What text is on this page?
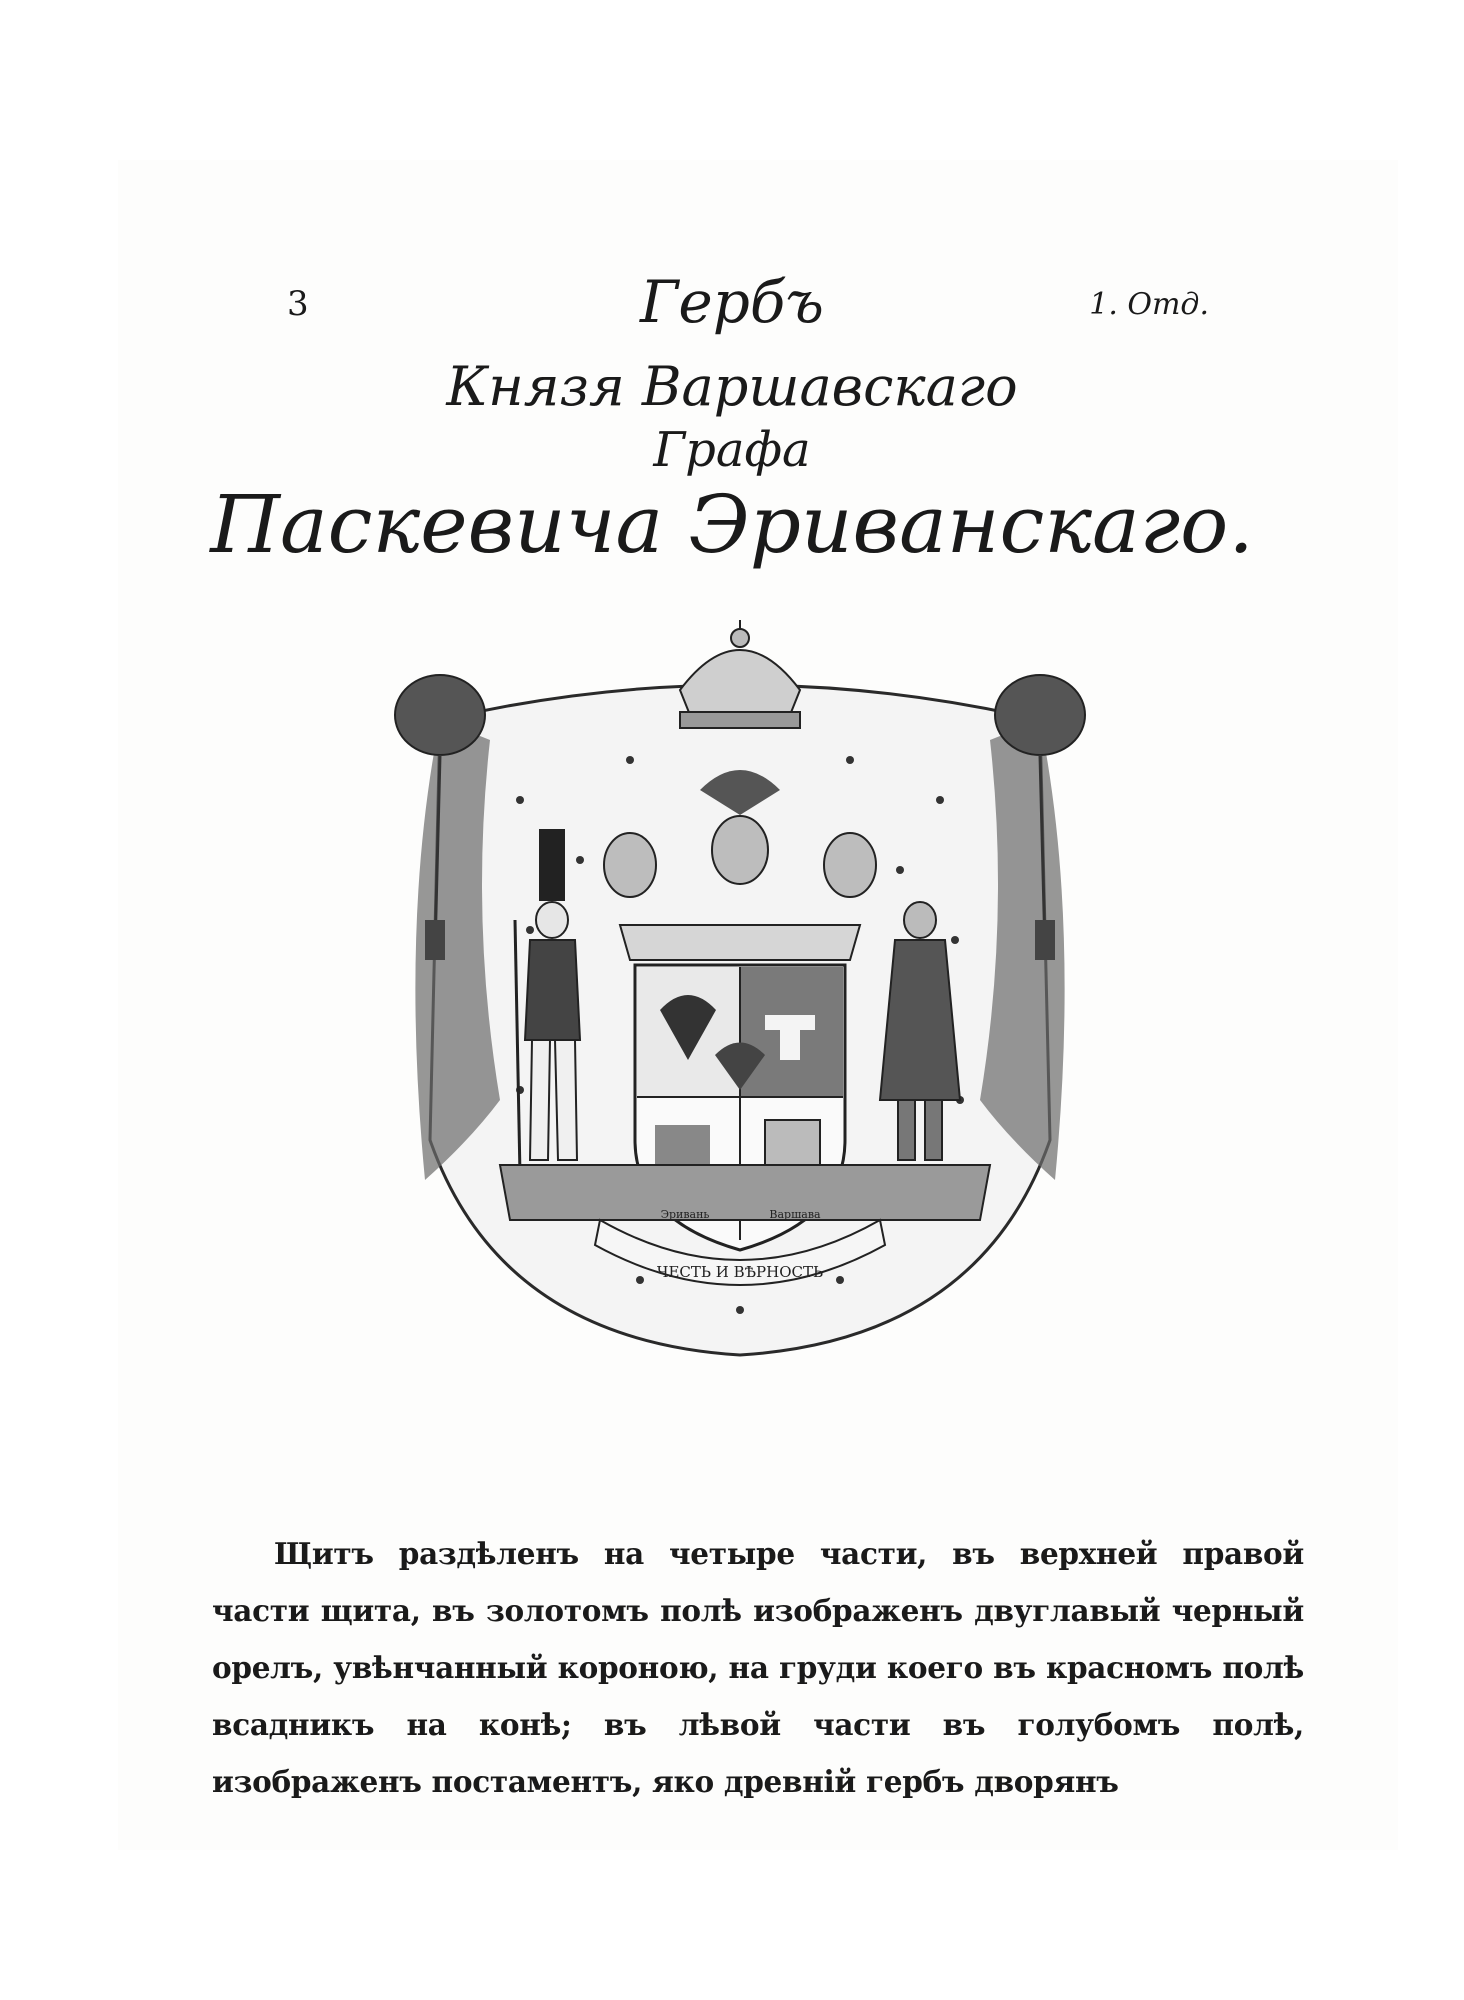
3	1. Отд.
Гербъ
Князя Варшавскаго
Графа
Паскевича Эриванскаго.
ЧЕСТЬ И ВѢРНОСТЬ
Эривань	Варшава

Щитъ раздѣленъ на четыре части, въ верхней правой части щита, въ золотомъ полѣ изображенъ двуглавый черный орелъ, увѣнчанный короною, на груди коего въ красномъ полѣ всадникъ на конѣ; въ лѣвой части въ голубомъ полѣ, изображенъ постаментъ, яко древній гербъ дворянъ
